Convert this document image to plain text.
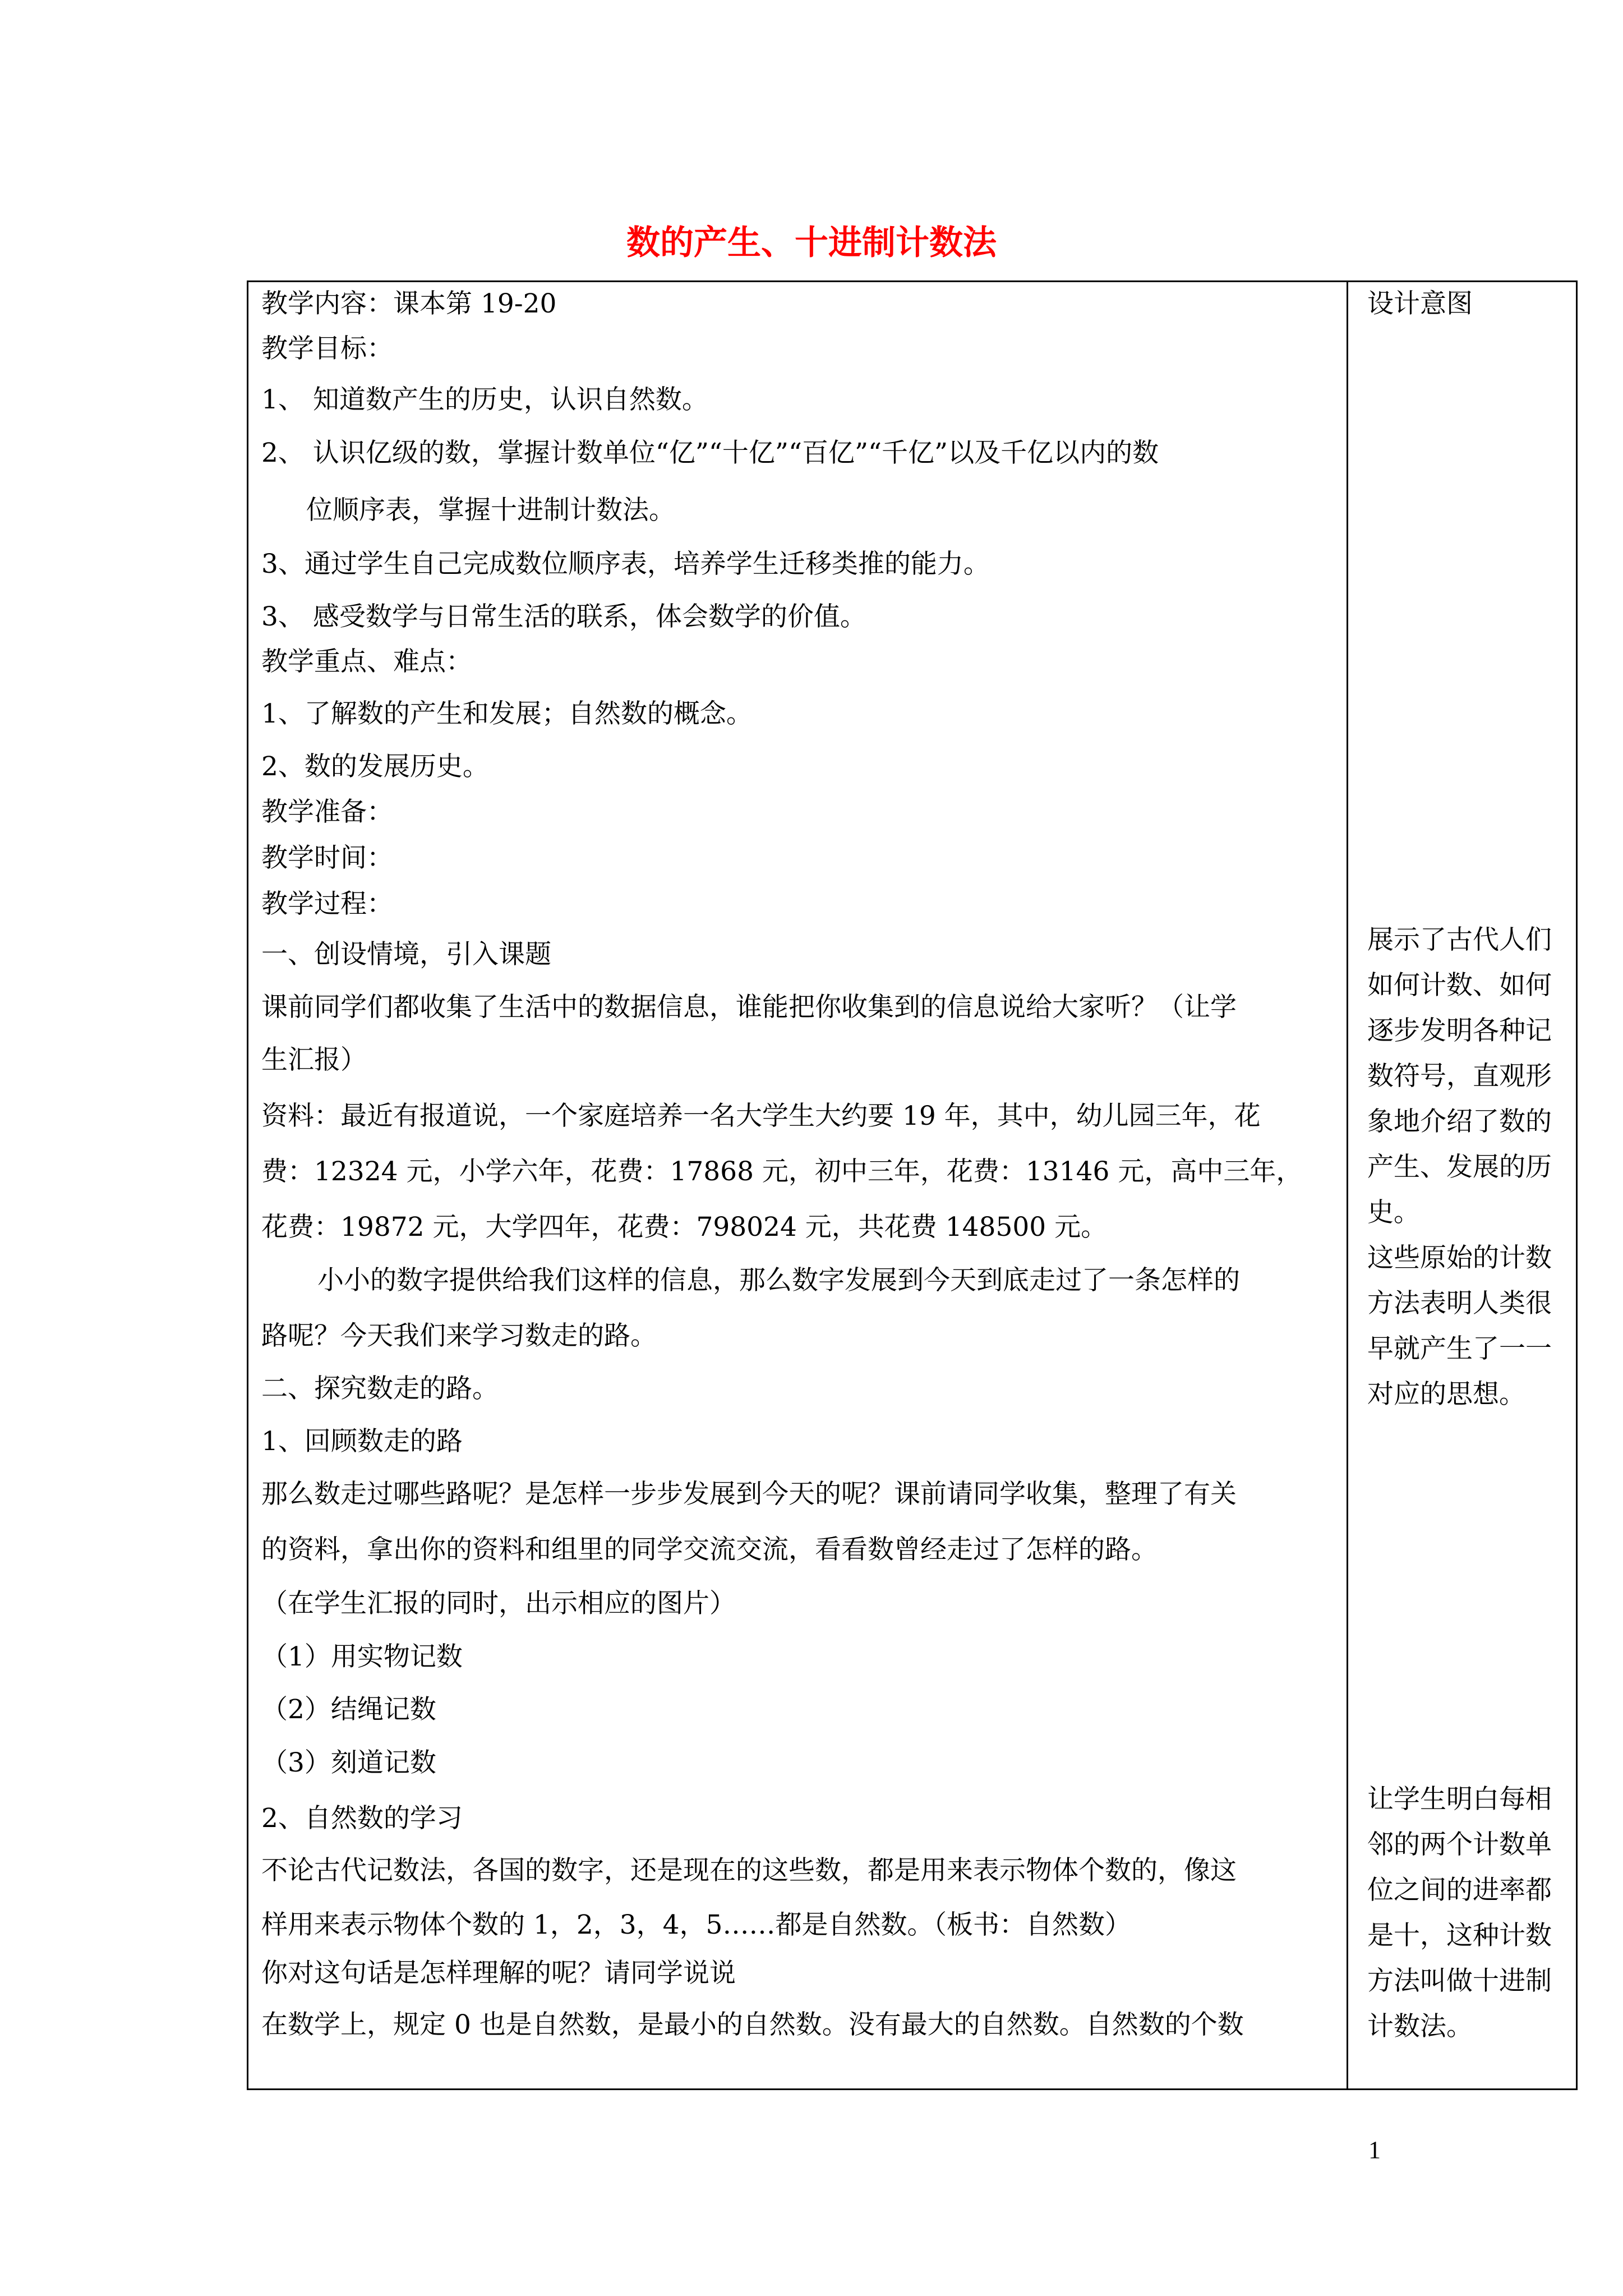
数的产生、十进制计数法
教学内容：课本第 19-20
教学目标：
1、 知道数产生的历史，认识自然数。
2、 认识亿级的数，掌握计数单位“亿”“十亿”“百亿”“千亿”以及千亿以内的数
位顺序表，掌握十进制计数法。
3、通过学生自己完成数位顺序表，培养学生迁移类推的能力。
3、 感受数学与日常生活的联系，体会数学的价值。
教学重点、难点：
1、了解数的产生和发展；自然数的概念。
2、数的发展历史。
教学准备：
教学时间：
教学过程：
一、创设情境，引入课题
课前同学们都收集了生活中的数据信息，谁能把你收集到的信息说给大家听？（让学
生汇报）
资料：最近有报道说，一个家庭培养一名大学生大约要 19 年，其中，幼儿园三年，花
费：12324 元，小学六年，花费：17868 元，初中三年，花费：13146 元，高中三年，
花费：19872 元，大学四年，花费：798024 元，共花费 148500 元。
小小的数字提供给我们这样的信息，那么数字发展到今天到底走过了一条怎样的
路呢？今天我们来学习数走的路。
二、探究数走的路。
1、回顾数走的路
那么数走过哪些路呢？是怎样一步步发展到今天的呢？课前请同学收集，整理了有关
的资料，拿出你的资料和组里的同学交流交流，看看数曾经走过了怎样的路。
（在学生汇报的同时，出示相应的图片）
（1）用实物记数
（2）结绳记数
（3）刻道记数
2、自然数的学习
不论古代记数法，各国的数字，还是现在的这些数，都是用来表示物体个数的，像这
样用来表示物体个数的 1，2，3，4，5……都是自然数。（板书：自然数）
你对这句话是怎样理解的呢？请同学说说
在数学上，规定 0 也是自然数，是最小的自然数。没有最大的自然数。自然数的个数
设计意图
展示了古代人们
如何计数、如何
逐步发明各种记
数符号，直观形
象地介绍了数的
产生、发展的历
史。
这些原始的计数
方法表明人类很
早就产生了一一
对应的思想。
让学生明白每相
邻的两个计数单
位之间的进率都
是十，这种计数
方法叫做十进制
计数法。
1
